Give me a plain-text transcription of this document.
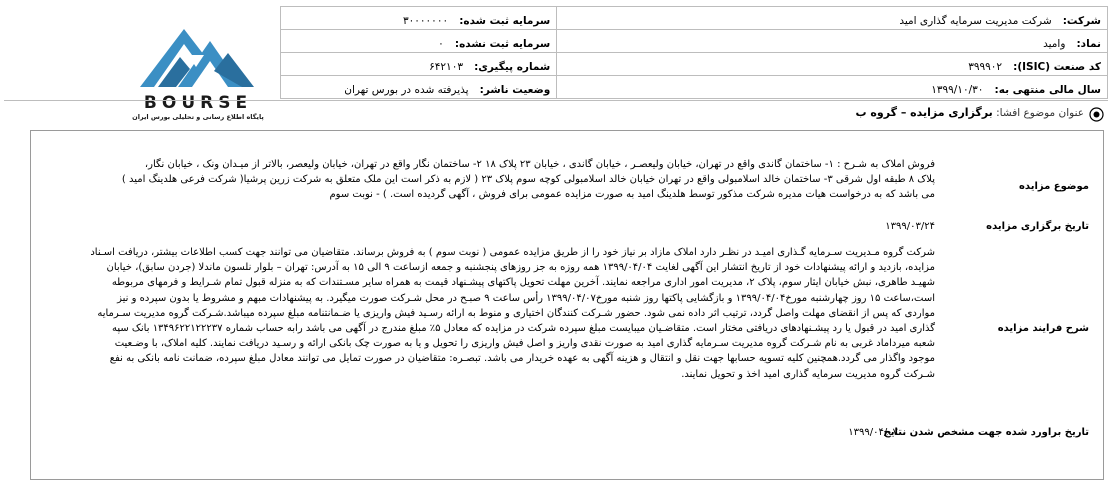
شرکت: شرکت مدیریت سرمایه گذاری امید	سرمایه ثبت شده: ۳۰۰۰۰۰۰۰	
نماد: وامید	سرمایه ثبت نشده: ۰	
کد صنعت (ISIC): ۳۹۹۹۰۲	شماره پیگیری: ۶۴۲۱۰۳	
سال مالی منتهی به: ۱۳۹۹/۱۰/۳۰	وضعیت ناشر: پذیرفته شده در بورس تهران	
BOURSE
پایگاه اطلاع رسانی و تحلیلی بورس ایران	عنوان موضوع افشا: برگزاری مزایده – گروه ب
موضوع مزایده
فروش املاک به شـرح : ۱- ساختمان گاندی واقع در تهران، خیابان ولیعصـر ، خیابان گاندی ، خیابان ۲۳ پلاک ۱۸ ۲- ساختمان نگار واقع در تهران، خیابان ولیعصر، بالاتر از میـدان ونک ، خیابان نگار،
پلاک ۸ طبقه اول شرقی ۳- ساختمان خالد اسلامبولی واقع در تهران خیابان خالد اسلامبولی کوچه سوم پلاک ۲۳ ( لازم به ذکر است این ملک متعلق به شرکت زرین پرشیا( شرکت فرعی هلدینگ امید )
می باشد که به درخواست هیات مدیره شرکت مذکور توسط هلدینگ امید به صورت مزایده عمومی برای فروش ، آگهی گردیده است. ) - نوبت سوم
تاریخ برگزاری مزایده
۱۳۹۹/۰۳/۲۴
شرح فرایند مزایده
شرکت گروه مـدیریت سـرمایه گـذاری امیـد در نظـر دارد املاک مازاد بر نیاز خود را از طریق مزایده عمومی ( نوبت سوم ) به فروش برساند. متقاضیان می توانند جهت کسب اطلاعات بیشتر، دریافت اسـناد
مزایده، بازدید و ارائه پیشنهادات خود از تاریخ انتشار این آگهی لغایت ۱۳۹۹/۰۴/۰۴ همه روزه به جز روزهای پنجشنبه و جمعه ازساعت ۹ الی ۱۵ به آدرس: تهران – بلوار نلسون ماندلا (جردن سابق)، خیابان
شهیـد طاهری، نبش خیابان ایثار سوم، پلاک ۲، مدیریت امور اداری مراجعه نمایند. آخرین مهلت تحویل پاکتهای پیشـنهاد قیمت به همراه سایر مسـتندات که به منزله قبول تمام شـرایط و فرمهای مربوطه
است،ساعت ۱۵ روز چهارشنبه مورخ۱۳۹۹/۰۴/۰۴ و بازگشایی پاکتها روز شنبه مورخ۱۳۹۹/۰۴/۰۷ رأس ساعت ۹ صبـح در محل شـرکت صورت میگیرد. به پیشنهادات مبهم و مشروط یا بدون سپرده و نیز
مواردی که پس از انقضای مهلت واصل گردد، ترتیب اثر داده نمی شود. حضور شـرکت کنندگان اختیاری و منوط به ارائه رسـید فیش واریزی یا ضـمانتنامه مبلغ سپرده میباشد.شـرکت گروه مدیریت سـرمایه
گذاری امید در قبول یا رد پیشـنهادهای دریافتی مختار است. متقاضـیان میبایست مبلغ سپرده شرکت در مزایده که معادل ۵٪ مبلغ مندرج در آگهی می باشد رابه حساب شماره ۱۳۴۹۶۲۲۱۲۲۲۳۷ بانک سپه
شعبه میرداماد غربی به نام شـرکت گروه مدیریت سـرمایه گذاری امید به صورت نقدی واریز و اصل فیش واریزی را تحویل و یا به صورت چک بانکی ارائه و رسـید دریافت نمایند. کلیه املاک، با وضـعیت
موجود واگذار می گردد.همچنین کلیه تسویه حسابها جهت نقل و انتقال و هزینه آگهی به عهده خریدار می باشد. تبصـره: متقاضیان در صورت تمایل می توانند معادل مبلغ سپرده، ضمانت نامه بانکی به نفع
شـرکت گروه مدیریت سرمایه گذاری امید اخذ و تحویل نمایند.
تاریخ براورد شده جهت مشخص شدن نتایج
۱۳۹۹/۰۴/۰۷
